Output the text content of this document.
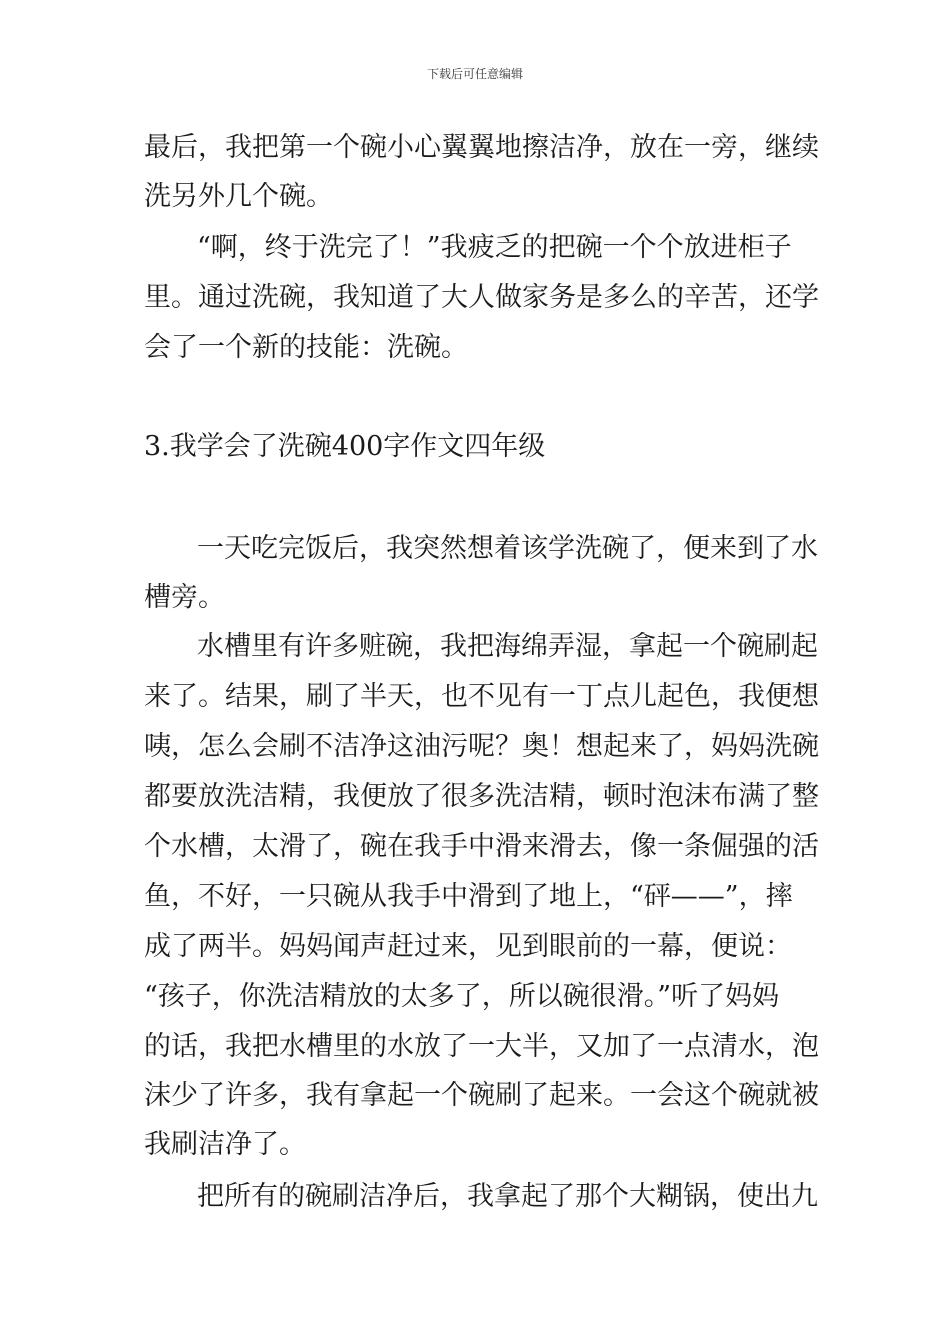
下载后可任意编辑
最后，我把第一个碗小心翼翼地擦洁净，放在一旁，继续
洗另外几个碗。
“啊，终于洗完了！”我疲乏的把碗一个个放进柜子
里。通过洗碗，我知道了大人做家务是多么的辛苦，还学
会了一个新的技能：洗碗。
3.我学会了洗碗400字作文四年级
一天吃完饭后，我突然想着该学洗碗了，便来到了水
槽旁。
水槽里有许多赃碗，我把海绵弄湿，拿起一个碗刷起
来了。结果，刷了半天，也不见有一丁点儿起色，我便想
咦，怎么会刷不洁净这油污呢？奥！想起来了，妈妈洗碗
都要放洗洁精，我便放了很多洗洁精，顿时泡沫布满了整
个水槽，太滑了，碗在我手中滑来滑去，像一条倔强的活
鱼，不好，一只碗从我手中滑到了地上，“砰——”，摔
成了两半。妈妈闻声赶过来，见到眼前的一幕，便说：
“孩子，你洗洁精放的太多了，所以碗很滑。”听了妈妈
的话，我把水槽里的水放了一大半，又加了一点清水，泡
沫少了许多，我有拿起一个碗刷了起来。一会这个碗就被
我刷洁净了。
把所有的碗刷洁净后，我拿起了那个大糊锅，使出九
